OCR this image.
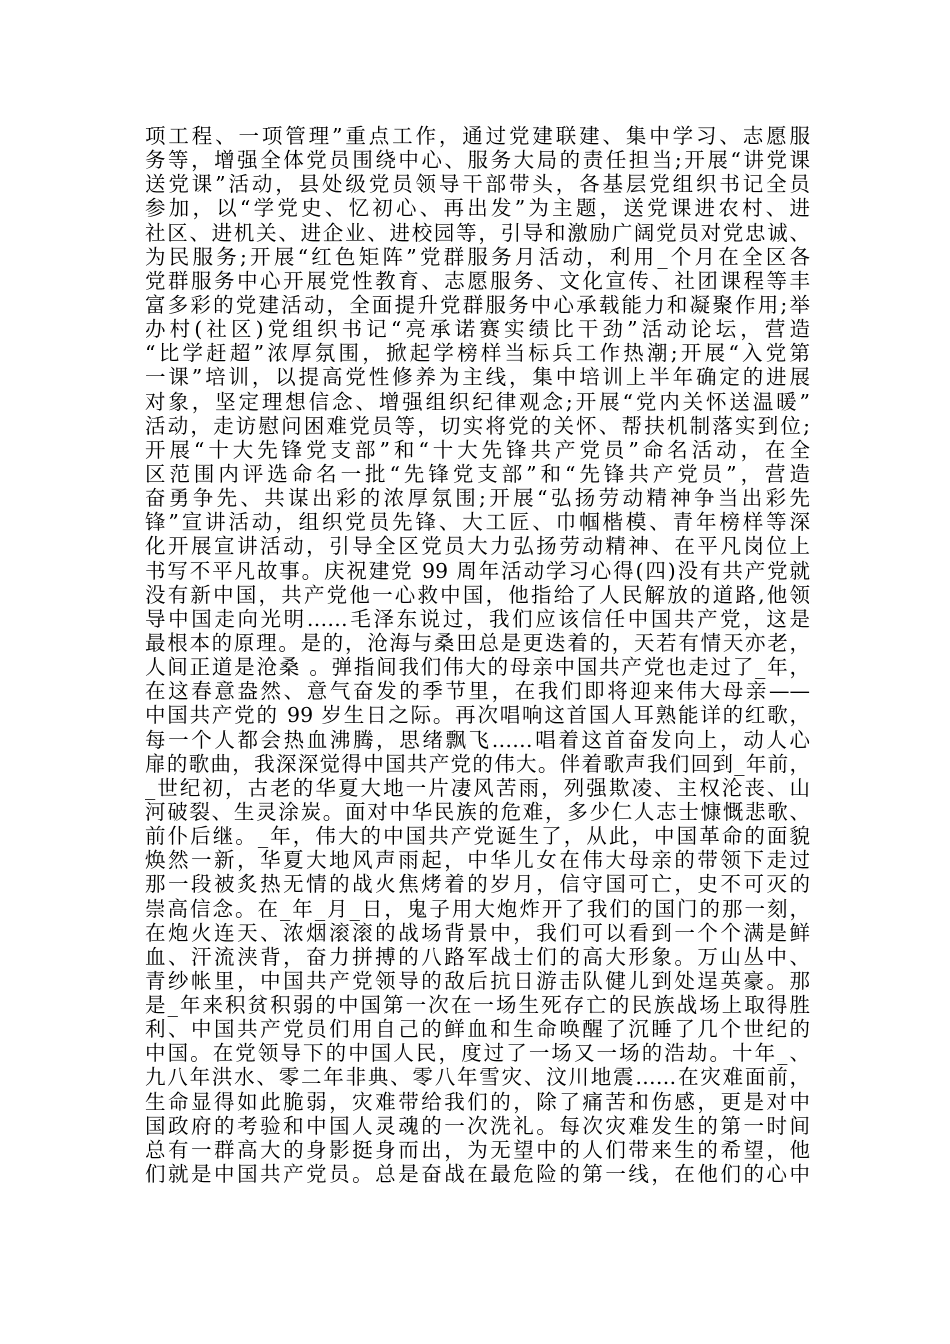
项工程、一项管理”重点工作，通过党建联建、集中学习、志愿服
务等，增强全体党员围绕中心、服务大局的责任担当;开展“讲党课
送党课”活动，县处级党员领导干部带头，各基层党组织书记全员
参加，以“学党史、忆初心、再出发”为主题，送党课进农村、进
社区、进机关、进企业、进校园等，引导和激励广阔党员对党忠诚、
为民服务;开展“红色矩阵”党群服务月活动，利用_个月在全区各
党群服务中心开展党性教育、志愿服务、文化宣传、社团课程等丰
富多彩的党建活动，全面提升党群服务中心承载能力和凝聚作用;举
办村(社区)党组织书记“亮承诺赛实绩比干劲”活动论坛，营造
“比学赶超”浓厚氛围，掀起学榜样当标兵工作热潮;开展“入党第
一课”培训，以提高党性修养为主线，集中培训上半年确定的进展
对象，坚定理想信念、增强组织纪律观念;开展“党内关怀送温暖”
活动，走访慰问困难党员等，切实将党的关怀、帮扶机制落实到位;
开展“十大先锋党支部”和“十大先锋共产党员”命名活动，在全
区范围内评选命名一批“先锋党支部”和“先锋共产党员”，营造
奋勇争先、共谋出彩的浓厚氛围;开展“弘扬劳动精神争当出彩先
锋”宣讲活动，组织党员先锋、大工匠、巾帼楷模、青年榜样等深
化开展宣讲活动，引导全区党员大力弘扬劳动精神、在平凡岗位上
书写不平凡故事。庆祝建党 99 周年活动学习心得(四)没有共产党就
没有新中国，共产党他一心救中国，他指给了人民解放的道路,他领
导中国走向光明……毛泽东说过，我们应该信任中国共产党，这是
最根本的原理。是的，沧海与桑田总是更迭着的，天若有情天亦老，
人间正道是沧桑 。弹指间我们伟大的母亲中国共产党也走过了_年，
在这春意盎然、意气奋发的季节里，在我们即将迎来伟大母亲——
中国共产党的 99 岁生日之际。再次唱响这首国人耳熟能详的红歌，
每一个人都会热血沸腾，思绪飘飞……唱着这首奋发向上，动人心
扉的歌曲，我深深觉得中国共产党的伟大。伴着歌声我们回到_年前，
_世纪初，古老的华夏大地一片凄风苦雨，列强欺凌、主权沦丧、山
河破裂、生灵涂炭。面对中华民族的危难，多少仁人志士慷慨悲歌、
前仆后继。_年，伟大的中国共产党诞生了，从此，中国革命的面貌
焕然一新，华夏大地风声雨起，中华儿女在伟大母亲的带领下走过
那一段被炙热无情的战火焦烤着的岁月，信守国可亡，史不可灭的
崇高信念。在_年_月_日，鬼子用大炮炸开了我们的国门的那一刻，
在炮火连天、浓烟滚滚的战场背景中，我们可以看到一个个满是鲜
血、汗流浃背，奋力拼搏的八路军战士们的高大形象。万山丛中、
青纱帐里，中国共产党领导的敌后抗日游击队健儿到处逞英豪。那
是_年来积贫积弱的中国第一次在一场生死存亡的民族战场上取得胜
利、中国共产党员们用自己的鲜血和生命唤醒了沉睡了几个世纪的
中国。在党领导下的中国人民，度过了一场又一场的浩劫。十年_、
九八年洪水、零二年非典、零八年雪灾、汶川地震……在灾难面前，
生命显得如此脆弱，灾难带给我们的，除了痛苦和伤感，更是对中
国政府的考验和中国人灵魂的一次洗礼。每次灾难发生的第一时间
总有一群高大的身影挺身而出，为无望中的人们带来生的希望，他
们就是中国共产党员。总是奋战在最危险的第一线，在他们的心中
